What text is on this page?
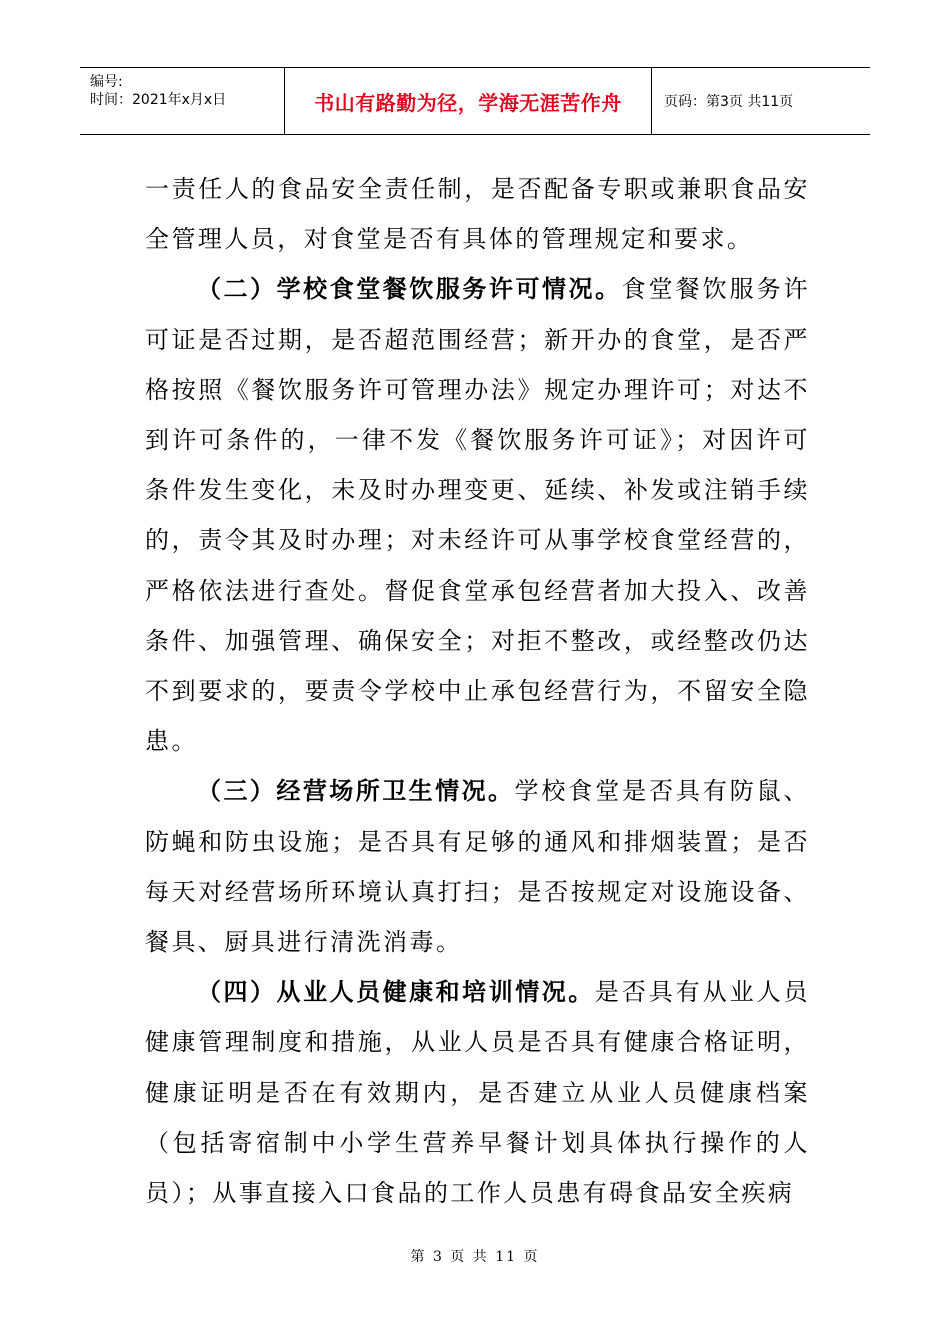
编号:
时间：2021年x月x日	书山有路勤为径，学海无涯苦作舟	页码：第3页 共11页

一责任人的食品安全责任制，是否配备专职或兼职食品安全管理人员，对食堂是否有具体的管理规定和要求。

（二）学校食堂餐饮服务许可情况。食堂餐饮服务许可证是否过期，是否超范围经营；新开办的食堂，是否严格按照《餐饮服务许可管理办法》规定办理许可；对达不到许可条件的，一律不发《餐饮服务许可证》；对因许可条件发生变化，未及时办理变更、延续、补发或注销手续的，责令其及时办理；对未经许可从事学校食堂经营的，严格依法进行查处。督促食堂承包经营者加大投入、改善条件、加强管理、确保安全；对拒不整改，或经整改仍达不到要求的，要责令学校中止承包经营行为，不留安全隐患。

（三）经营场所卫生情况。学校食堂是否具有防鼠、防蝇和防虫设施；是否具有足够的通风和排烟装置；是否每天对经营场所环境认真打扫；是否按规定对设施设备、餐具、厨具进行清洗消毒。

（四）从业人员健康和培训情况。是否具有从业人员健康管理制度和措施，从业人员是否具有健康合格证明，健康证明是否在有效期内，是否建立从业人员健康档案（包括寄宿制中小学生营养早餐计划具体执行操作的人员）；从事直接入口食品的工作人员患有碍食品安全疾病

第 3 页 共 11 页
